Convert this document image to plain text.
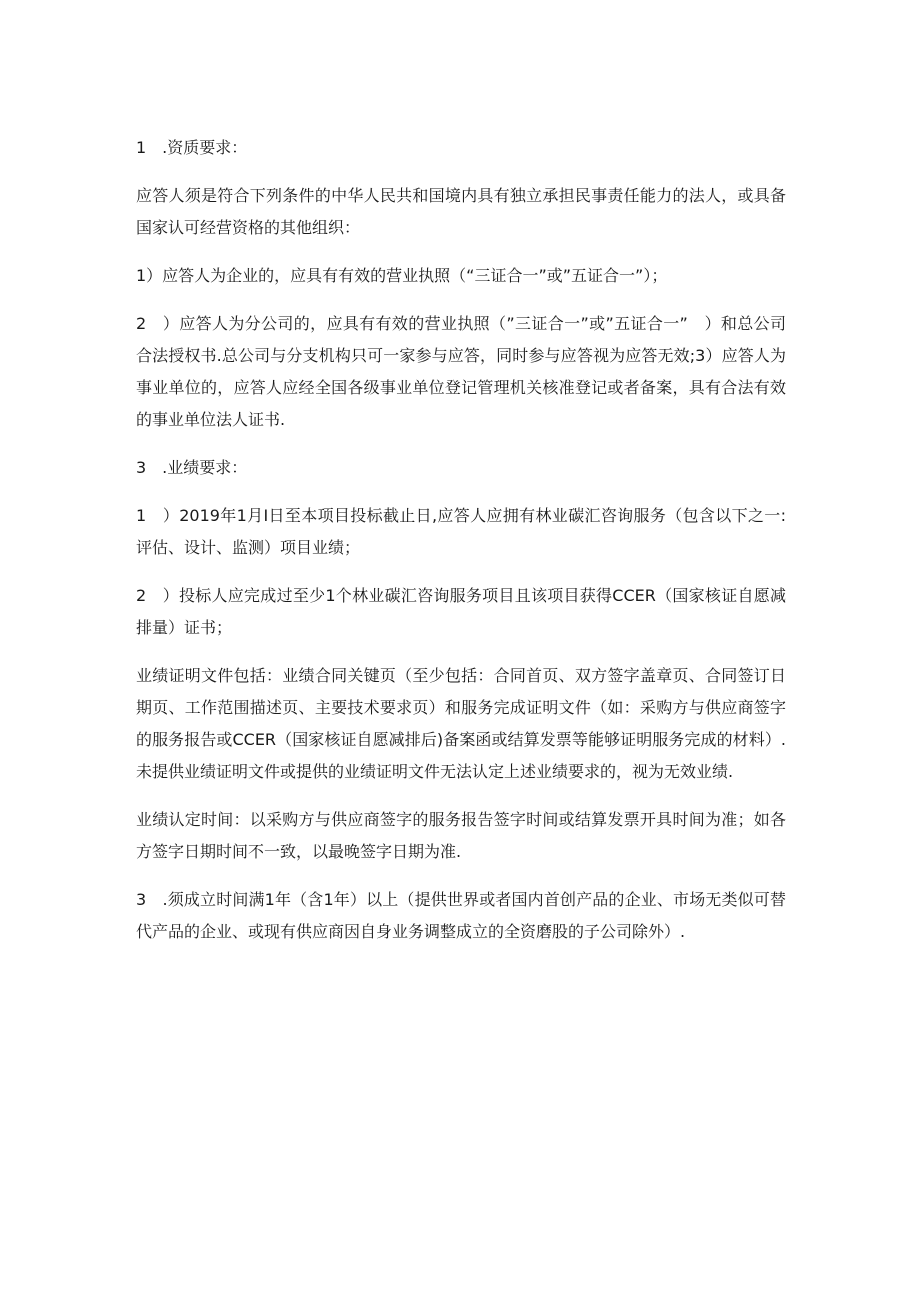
1　.资质要求：

应答人须是符合下列条件的中华人民共和国境内具有独立承担民事责任能力的法人，或具备国家认可经营资格的其他组织：

1）应答人为企业的，应具有有效的营业执照（“三证合一”或”五证合一”）；

2　）应答人为分公司的，应具有有效的营业执照（”三证合一”或”五证合一”　）和总公司合法授权书.总公司与分支机构只可一家参与应答，同时参与应答视为应答无效;3）应答人为事业单位的，应答人应经全国各级事业单位登记管理机关核准登记或者备案，具有合法有效的事业单位法人证书.

3　.业绩要求：

1　）2019年1月I日至本项目投标截止日,应答人应拥有林业碳汇咨询服务（包含以下之一:评估、设计、监测）项目业绩；

2　）投标人应完成过至少1个林业碳汇咨询服务项目且该项目获得CCER（国家核证自愿减排量）证书；

业绩证明文件包括：业绩合同关键页（至少包括：合同首页、双方签字盖章页、合同签订日期页、工作范围描述页、主要技术要求页）和服务完成证明文件（如：采购方与供应商签字的服务报告或CCER（国家核证自愿减排后)备案函或结算发票等能够证明服务完成的材料）.未提供业绩证明文件或提供的业绩证明文件无法认定上述业绩要求的，视为无效业绩.

业绩认定时间：以采购方与供应商签字的服务报告签字时间或结算发票开具时间为准；如各方签字日期时间不一致，以最晚签字日期为准.

3　.须成立时间满1年（含1年）以上（提供世界或者国内首创产品的企业、市场无类似可替代产品的企业、或现有供应商因自身业务调整成立的全资磨股的子公司除外）.
